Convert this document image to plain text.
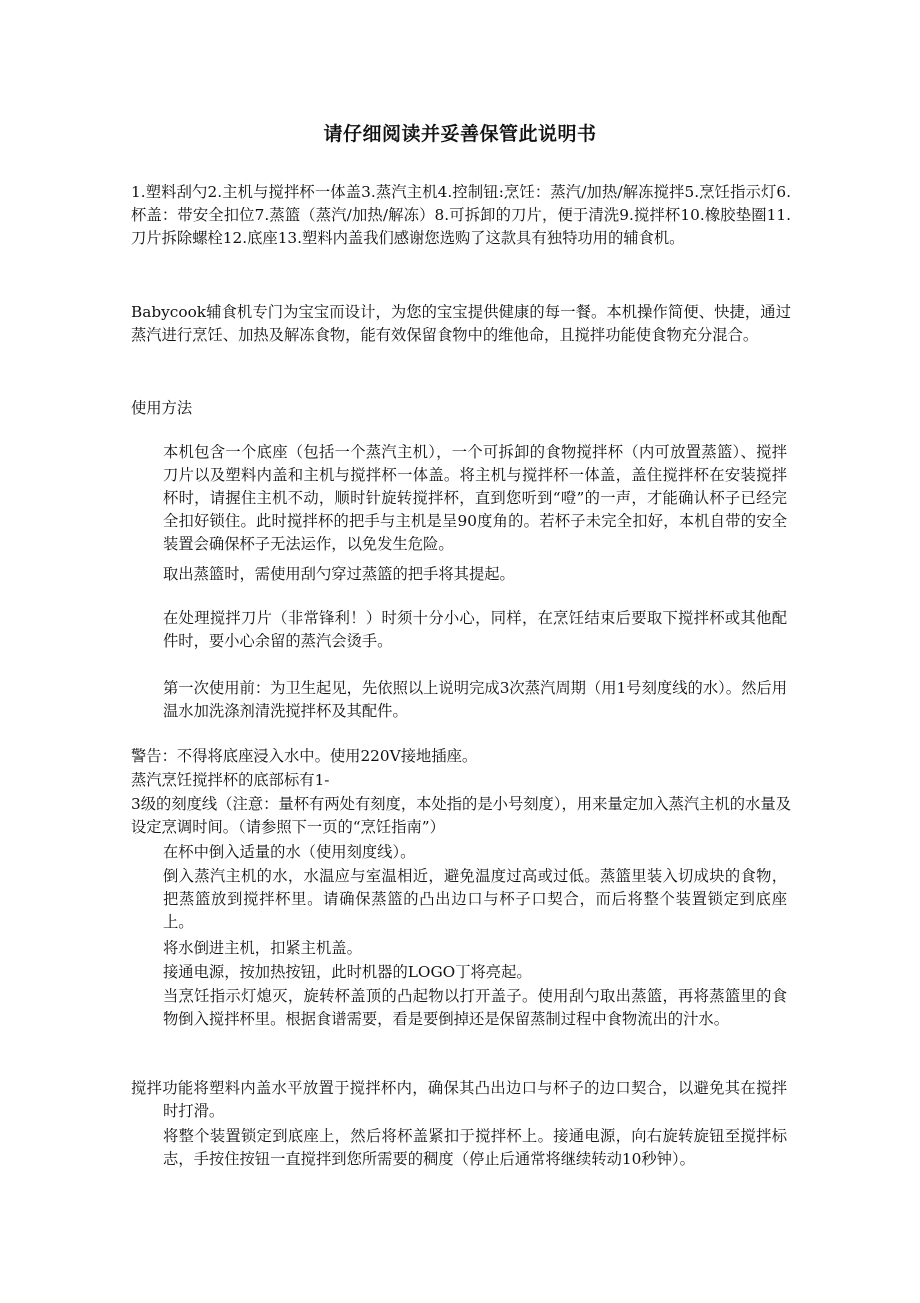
请仔细阅读并妥善保管此说明书

1.塑料刮勺2.主机与搅拌杯一体盖3.蒸汽主机4.控制钮:烹饪：蒸汽/加热/解冻搅拌5.烹饪指示灯6.杯盖：带安全扣位7.蒸篮（蒸汽/加热/解冻）8.可拆卸的刀片，便于清洗9.搅拌杯10.橡胶垫圈11.刀片拆除螺栓12.底座13.塑料内盖我们感谢您选购了这款具有独特功用的辅食机。

Babycook辅食机专门为宝宝而设计，为您的宝宝提供健康的每一餐。本机操作简便、快捷，通过蒸汽进行烹饪、加热及解冻食物，能有效保留食物中的维他命，且搅拌功能使食物充分混合。

使用方法

本机包含一个底座（包括一个蒸汽主机），一个可拆卸的食物搅拌杯（内可放置蒸篮）、搅拌刀片以及塑料内盖和主机与搅拌杯一体盖。将主机与搅拌杯一体盖，盖住搅拌杯在安装搅拌杯时，请握住主机不动，顺时针旋转搅拌杯，直到您听到“噔”的一声，才能确认杯子已经完全扣好锁住。此时搅拌杯的把手与主机是呈90度角的。若杯子未完全扣好，本机自带的安全装置会确保杯子无法运作，以免发生危险。

取出蒸篮时，需使用刮勺穿过蒸篮的把手将其提起。

在处理搅拌刀片（非常锋利！）时须十分小心，同样，在烹饪结束后要取下搅拌杯或其他配件时，要小心余留的蒸汽会烫手。

第一次使用前：为卫生起见，先依照以上说明完成3次蒸汽周期（用1号刻度线的水）。然后用温水加洗涤剂清洗搅拌杯及其配件。

警告：不得将底座浸入水中。使用220V接地插座。

蒸汽烹饪搅拌杯的底部标有1-

3级的刻度线（注意：量杯有两处有刻度，本处指的是小号刻度），用来量定加入蒸汽主机的水量及设定烹调时间。（请参照下一页的“烹饪指南”）

在杯中倒入适量的水（使用刻度线）。

倒入蒸汽主机的水，水温应与室温相近，避免温度过高或过低。蒸篮里装入切成块的食物，把蒸篮放到搅拌杯里。请确保蒸篮的凸出边口与杯子口契合，而后将整个装置锁定到底座上。

将水倒进主机，扣紧主机盖。

接通电源，按加热按钮，此时机器的LOGO丁将亮起。

当烹饪指示灯熄灭，旋转杯盖顶的凸起物以打开盖子。使用刮勺取出蒸篮，再将蒸篮里的食物倒入搅拌杯里。根据食谱需要，看是要倒掉还是保留蒸制过程中食物流出的汁水。

搅拌功能将塑料内盖水平放置于搅拌杯内，确保其凸出边口与杯子的边口契合，以避免其在搅拌时打滑。

将整个装置锁定到底座上，然后将杯盖紧扣于搅拌杯上。接通电源，向右旋转旋钮至搅拌标志，手按住按钮一直搅拌到您所需要的稠度（停止后通常将继续转动10秒钟）。
